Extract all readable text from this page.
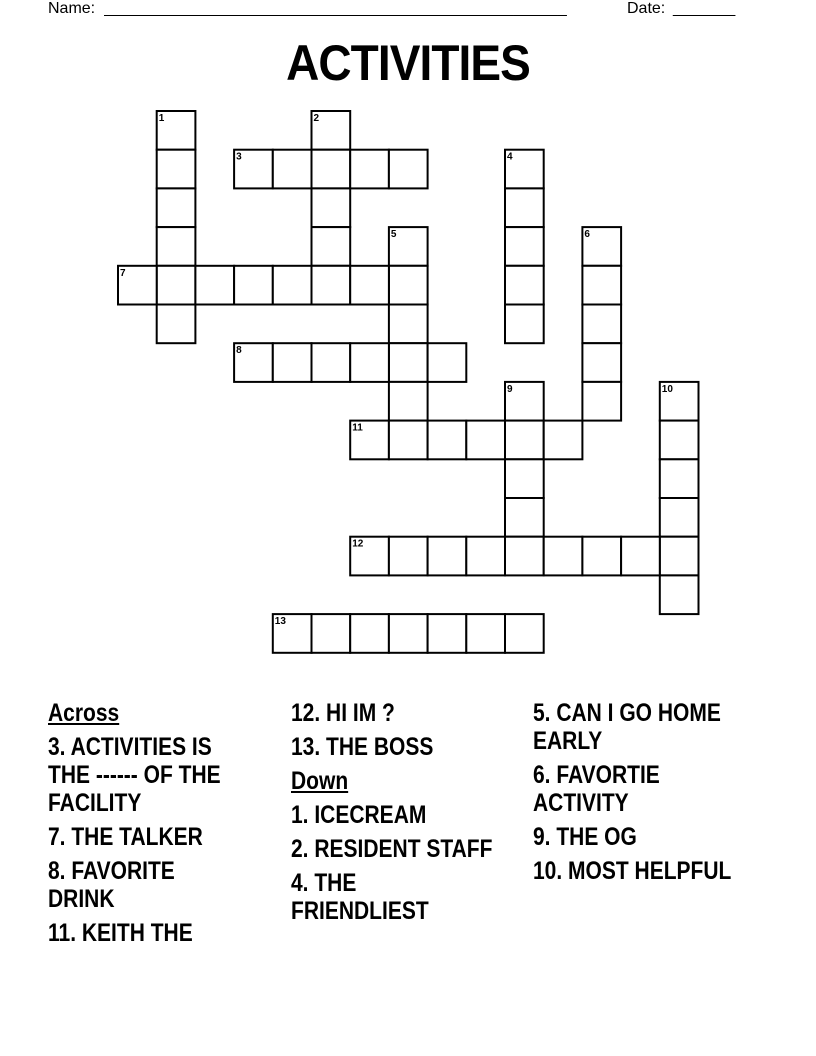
Name: ____________________________________________________	Date: _______
ACTIVITIES
1	2
3	4
5	6
7
8
9	10
11
12
13
Across
3. ACTIVITIES IS THE ------ OF THE FACILITY
7. THE TALKER
8. FAVORITE DRINK
11. KEITH THE
12. HI IM ?
13. THE BOSS
Down
1. ICECREAM
2. RESIDENT STAFF
4. THE FRIENDLIEST
5. CAN I GO HOME EARLY
6. FAVORTIE ACTIVITY
9. THE OG
10. MOST HELPFUL
